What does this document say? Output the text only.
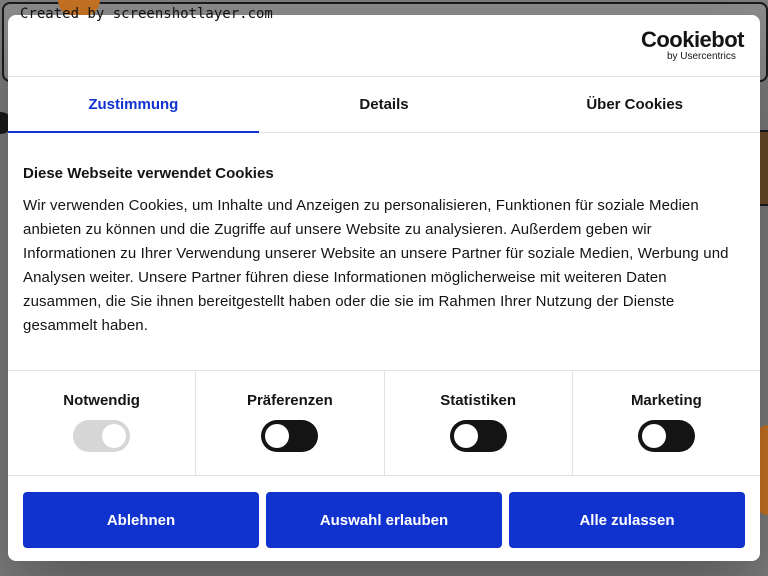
Created by screenshotlayer.com
Cookiebot
by Usercentrics
Zustimmung	Details	Über Cookies
Diese Webseite verwendet Cookies

Wir verwenden Cookies, um Inhalte und Anzeigen zu personalisieren, Funktionen für soziale Medien anbieten zu können und die Zugriffe auf unsere Website zu analysieren. Außerdem geben wir Informationen zu Ihrer Verwendung unserer Website an unsere Partner für soziale Medien, Werbung und Analysen weiter. Unsere Partner führen diese Informationen möglicherweise mit weiteren Daten zusammen, die Sie ihnen bereitgestellt haben oder die sie im Rahmen Ihrer Nutzung der Dienste gesammelt haben.

Notwendig	Präferenzen	Statistiken	Marketing
Ablehnen	Auswahl erlauben	Alle zulassen
